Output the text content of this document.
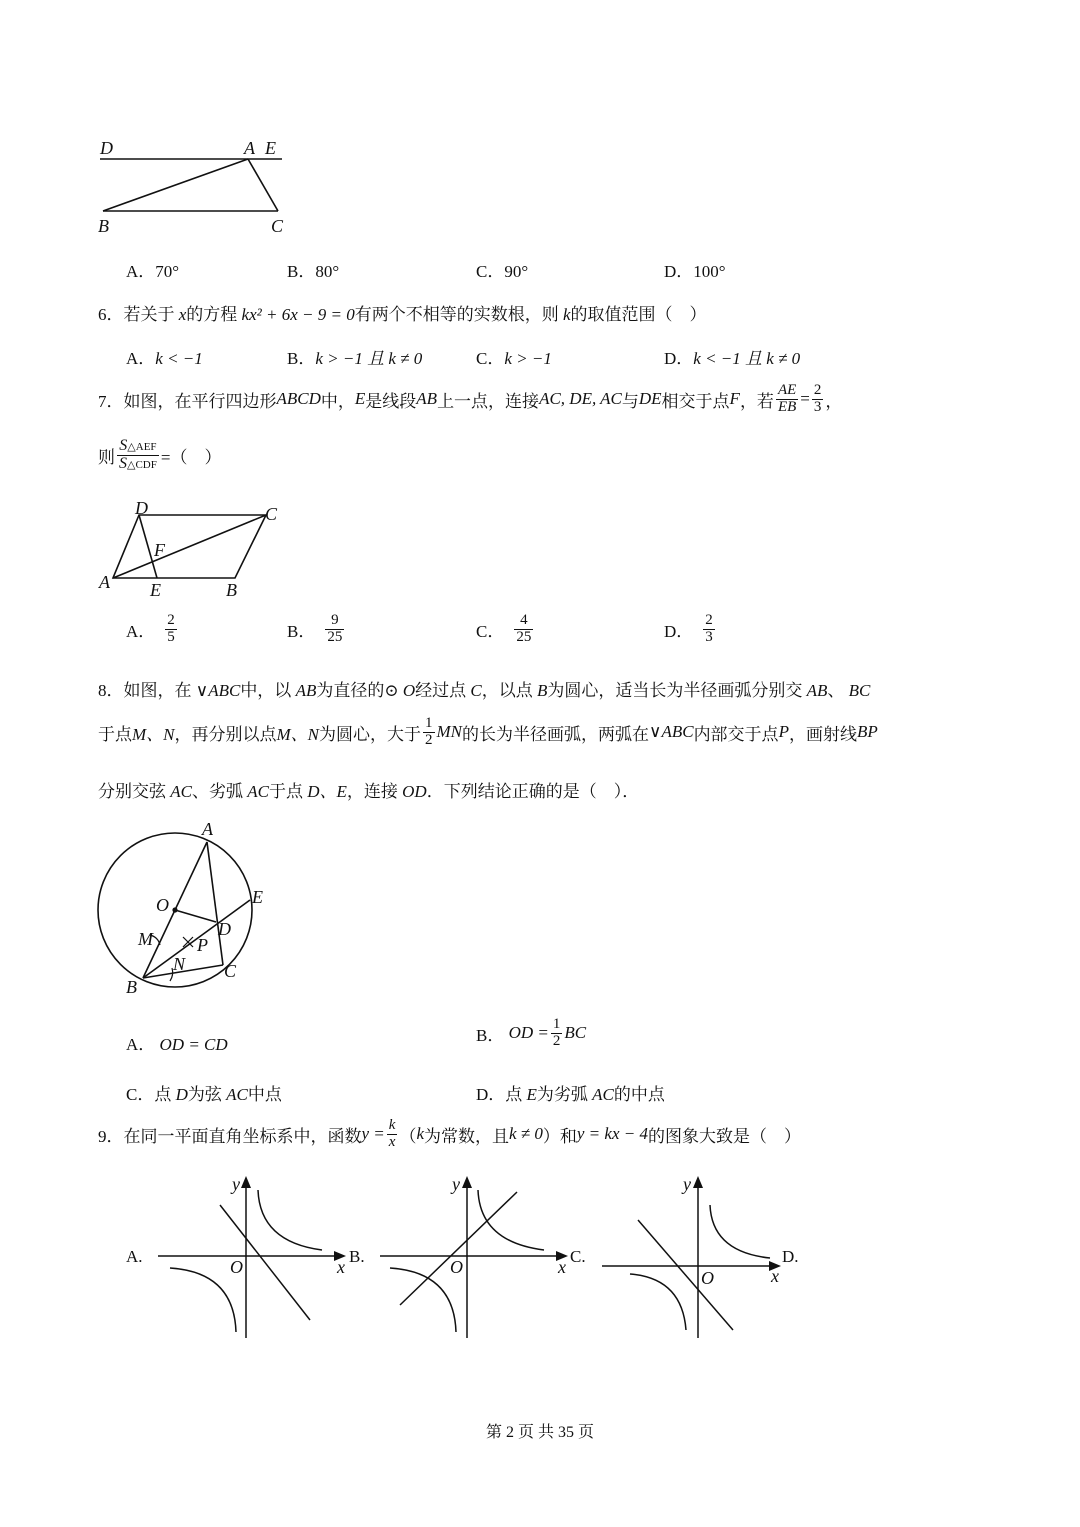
D	A E
B	C
A．70°	B．80°	C．90°	D．100°
6．若关于 x的方程 kx² + 6x − 9 = 0有两个不相等的实数根，则 k的取值范围（　）
A．k < −1	B．k > −1 且 k ≠ 0	C．k > −1	D．k < −1 且 k ≠ 0
7． 如图，在平行四边形 ABCD 中， E 是线段 AB 上一点，连接 AC, DE, AC 与 DE 相交于点 F ，若 $\frac{AE}{EB} = \frac{2}{3}$ ，
则 $\frac{\text{S△AEF}}{\text{S△CDF}}$ =（　）
D	C
F
A E	B
A． $\frac{2}{5}$	B． $\frac{9}{25}$	C． $\frac{4}{25}$	D． $\frac{2}{3}$
8．如图，在 ∨ABC中，以 AB为直径的⊙ O经过点 C，以点 B为圆心，适当长为半径画弧分别交 AB、 BC
于点 M、N ，再分别以点 M、N 为圆心，大于 $\frac{1}{2}$ MN 的长为半径画弧，两弧在 ∨ABC 内部交于点 P ，画射线 BP
分别交弦 AC、劣弧 AC于点 D、E，连接 OD．下列结论正确的是（　）．
A
E
O
D
M P
N C
B
A． OD = CD	B．
OD = $\frac{1}{2}$ BC
C．点 D为弦 AC中点	D．点 E为劣弧 AC的中点
9． 在同一平面直角坐标系中，函数 $y = \frac{k}{x}$ （ k 为常数，且 k ≠ 0 ）和 y = kx − 4 的图象大致是（　）
A.	B.	C.	D.
y
x
O
y
x
O
y
x
O
第 2 页 共 35 页
